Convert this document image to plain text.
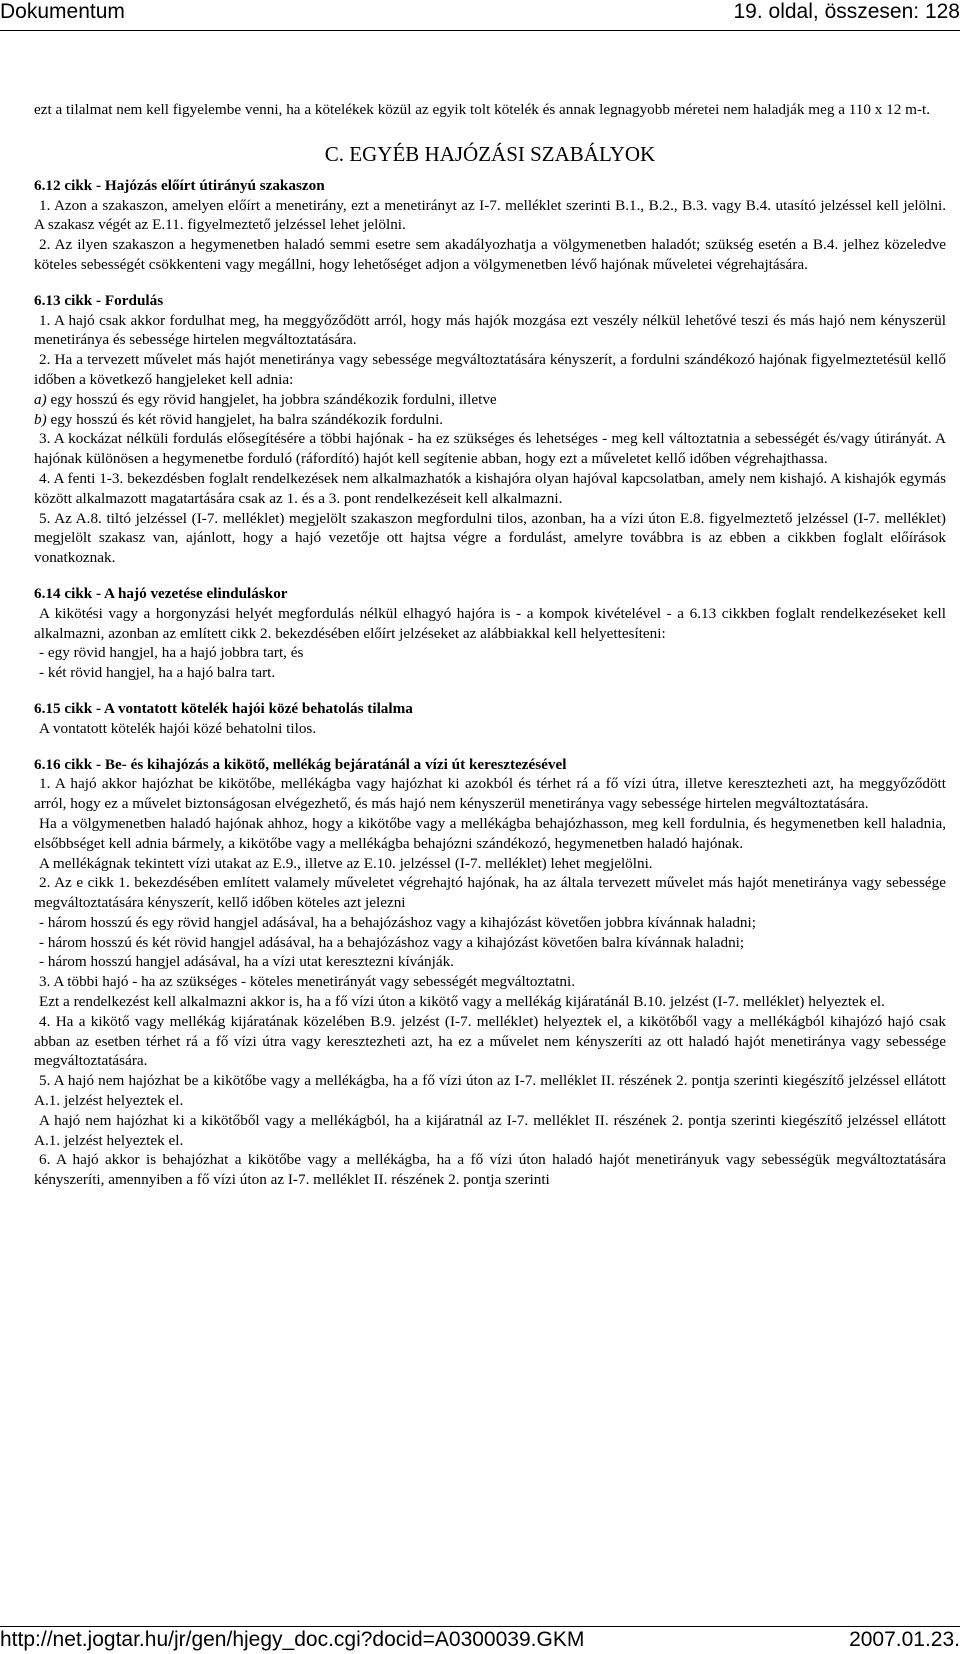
Dokumentum	19. oldal, összesen: 128

ezt a tilalmat nem kell figyelembe venni, ha a kötelékek közül az egyik tolt kötelék és annak legnagyobb méretei nem haladják meg a 110 x 12 m-t.

C. EGYÉB HAJÓZÁSI SZABÁLYOK

6.12 cikk - Hajózás előírt útirányú szakaszon

1. Azon a szakaszon, amelyen előírt a menetirány, ezt a menetirányt az I-7. melléklet szerinti B.1., B.2., B.3. vagy B.4. utasító jelzéssel kell jelölni. A szakasz végét az E.11. figyelmeztető jelzéssel lehet jelölni.

2. Az ilyen szakaszon a hegymenetben haladó semmi esetre sem akadályozhatja a völgymenetben haladót; szükség esetén a B.4. jelhez közeledve köteles sebességét csökkenteni vagy megállni, hogy lehetőséget adjon a völgymenetben lévő hajónak műveletei végrehajtására.

6.13 cikk - Fordulás

1. A hajó csak akkor fordulhat meg, ha meggyőződött arról, hogy más hajók mozgása ezt veszély nélkül lehetővé teszi és más hajó nem kényszerül menetiránya és sebessége hirtelen megváltoztatására.

2. Ha a tervezett művelet más hajót menetiránya vagy sebessége megváltoztatására kényszerít, a fordulni szándékozó hajónak figyelmeztetésül kellő időben a következő hangjeleket kell adnia:

a) egy hosszú és egy rövid hangjelet, ha jobbra szándékozik fordulni, illetve

b) egy hosszú és két rövid hangjelet, ha balra szándékozik fordulni.

3. A kockázat nélküli fordulás elősegítésére a többi hajónak - ha ez szükséges és lehetséges - meg kell változtatnia a sebességét és/vagy útirányát. A hajónak különösen a hegymenetbe forduló (ráfordító) hajót kell segítenie abban, hogy ezt a műveletet kellő időben végrehajthassa.

4. A fenti 1-3. bekezdésben foglalt rendelkezések nem alkalmazhatók a kishajóra olyan hajóval kapcsolatban, amely nem kishajó. A kishajók egymás között alkalmazott magatartására csak az 1. és a 3. pont rendelkezéseit kell alkalmazni.

5. Az A.8. tiltó jelzéssel (I-7. melléklet) megjelölt szakaszon megfordulni tilos, azonban, ha a vízi úton E.8. figyelmeztető jelzéssel (I-7. melléklet) megjelölt szakasz van, ajánlott, hogy a hajó vezetője ott hajtsa végre a fordulást, amelyre továbbra is az ebben a cikkben foglalt előírások vonatkoznak.

6.14 cikk - A hajó vezetése elinduláskor

A kikötési vagy a horgonyzási helyét megfordulás nélkül elhagyó hajóra is - a kompok kivételével - a 6.13 cikkben foglalt rendelkezéseket kell alkalmazni, azonban az említett cikk 2. bekezdésében előírt jelzéseket az alábbiakkal kell helyettesíteni:

- egy rövid hangjel, ha a hajó jobbra tart, és

- két rövid hangjel, ha a hajó balra tart.

6.15 cikk - A vontatott kötelék hajói közé behatolás tilalma

A vontatott kötelék hajói közé behatolni tilos.

6.16 cikk - Be- és kihajózás a kikötő, mellékág bejáratánál a vízi út keresztezésével

1. A hajó akkor hajózhat be kikötőbe, mellékágba vagy hajózhat ki azokból és térhet rá a fő vízi útra, illetve keresztezheti azt, ha meggyőződött arról, hogy ez a művelet biztonságosan elvégezhető, és más hajó nem kényszerül menetiránya vagy sebessége hirtelen megváltoztatására.

Ha a völgymenetben haladó hajónak ahhoz, hogy a kikötőbe vagy a mellékágba behajózhasson, meg kell fordulnia, és hegymenetben kell haladnia, elsőbbséget kell adnia bármely, a kikötőbe vagy a mellékágba behajózni szándékozó, hegymenetben haladó hajónak.

A mellékágnak tekintett vízi utakat az E.9., illetve az E.10. jelzéssel (I-7. melléklet) lehet megjelölni.

2. Az e cikk 1. bekezdésében említett valamely műveletet végrehajtó hajónak, ha az általa tervezett művelet más hajót menetiránya vagy sebessége megváltoztatására kényszerít, kellő időben köteles azt jelezni

- három hosszú és egy rövid hangjel adásával, ha a behajózáshoz vagy a kihajózást követően jobbra kívánnak haladni;

- három hosszú és két rövid hangjel adásával, ha a behajózáshoz vagy a kihajózást követően balra kívánnak haladni;

- három hosszú hangjel adásával, ha a vízi utat keresztezni kívánják.

3. A többi hajó - ha az szükséges - köteles menetirányát vagy sebességét megváltoztatni.

Ezt a rendelkezést kell alkalmazni akkor is, ha a fő vízi úton a kikötő vagy a mellékág kijáratánál B.10. jelzést (I-7. melléklet) helyeztek el.

4. Ha a kikötő vagy mellékág kijáratának közelében B.9. jelzést (I-7. melléklet) helyeztek el, a kikötőből vagy a mellékágból kihajózó hajó csak abban az esetben térhet rá a fő vízi útra vagy keresztezheti azt, ha ez a művelet nem kényszeríti az ott haladó hajót menetiránya vagy sebessége megváltoztatására.

5. A hajó nem hajózhat be a kikötőbe vagy a mellékágba, ha a fő vízi úton az I-7. melléklet II. részének 2. pontja szerinti kiegészítő jelzéssel ellátott A.1. jelzést helyeztek el.

A hajó nem hajózhat ki a kikötőből vagy a mellékágból, ha a kijáratnál az I-7. melléklet II. részének 2. pontja szerinti kiegészítő jelzéssel ellátott A.1. jelzést helyeztek el.

6. A hajó akkor is behajózhat a kikötőbe vagy a mellékágba, ha a fő vízi úton haladó hajót menetirányuk vagy sebességük megváltoztatására kényszeríti, amennyiben a fő vízi úton az I-7. melléklet II. részének 2. pontja szerinti

http://net.jogtar.hu/jr/gen/hjegy_doc.cgi?docid=A0300039.GKM	2007.01.23.
